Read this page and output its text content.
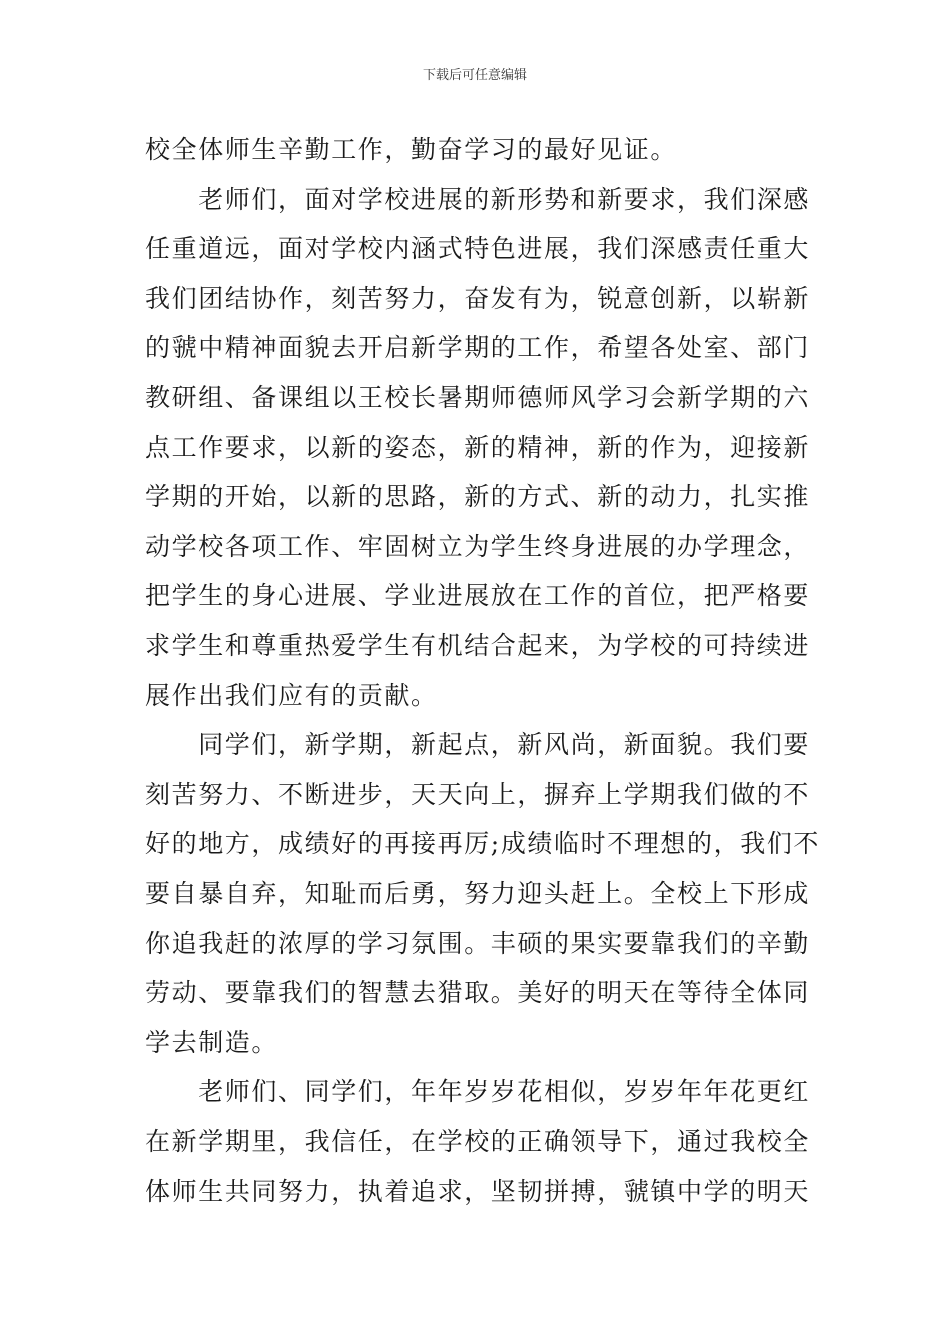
下载后可任意编辑
校全体师生辛勤工作，勤奋学习的最好见证。
　　老师们，面对学校进展的新形势和新要求，我们深感
任重道远，面对学校内涵式特色进展，我们深感责任重大
我们团结协作，刻苦努力，奋发有为，锐意创新，以崭新
的虢中精神面貌去开启新学期的工作，希望各处室、部门
教研组、备课组以王校长暑期师德师风学习会新学期的六
点工作要求，以新的姿态，新的精神，新的作为，迎接新
学期的开始，以新的思路，新的方式、新的动力，扎实推
动学校各项工作、牢固树立为学生终身进展的办学理念，
把学生的身心进展、学业进展放在工作的首位，把严格要
求学生和尊重热爱学生有机结合起来，为学校的可持续进
展作出我们应有的贡献。
　　同学们，新学期，新起点，新风尚，新面貌。我们要
刻苦努力、不断进步，天天向上，摒弃上学期我们做的不
好的地方，成绩好的再接再厉;成绩临时不理想的，我们不
要自暴自弃，知耻而后勇，努力迎头赶上。全校上下形成
你追我赶的浓厚的学习氛围。丰硕的果实要靠我们的辛勤
劳动、要靠我们的智慧去猎取。美好的明天在等待全体同
学去制造。
　　老师们、同学们，年年岁岁花相似，岁岁年年花更红
在新学期里，我信任，在学校的正确领导下，通过我校全
体师生共同努力，执着追求，坚韧拼搏，虢镇中学的明天
